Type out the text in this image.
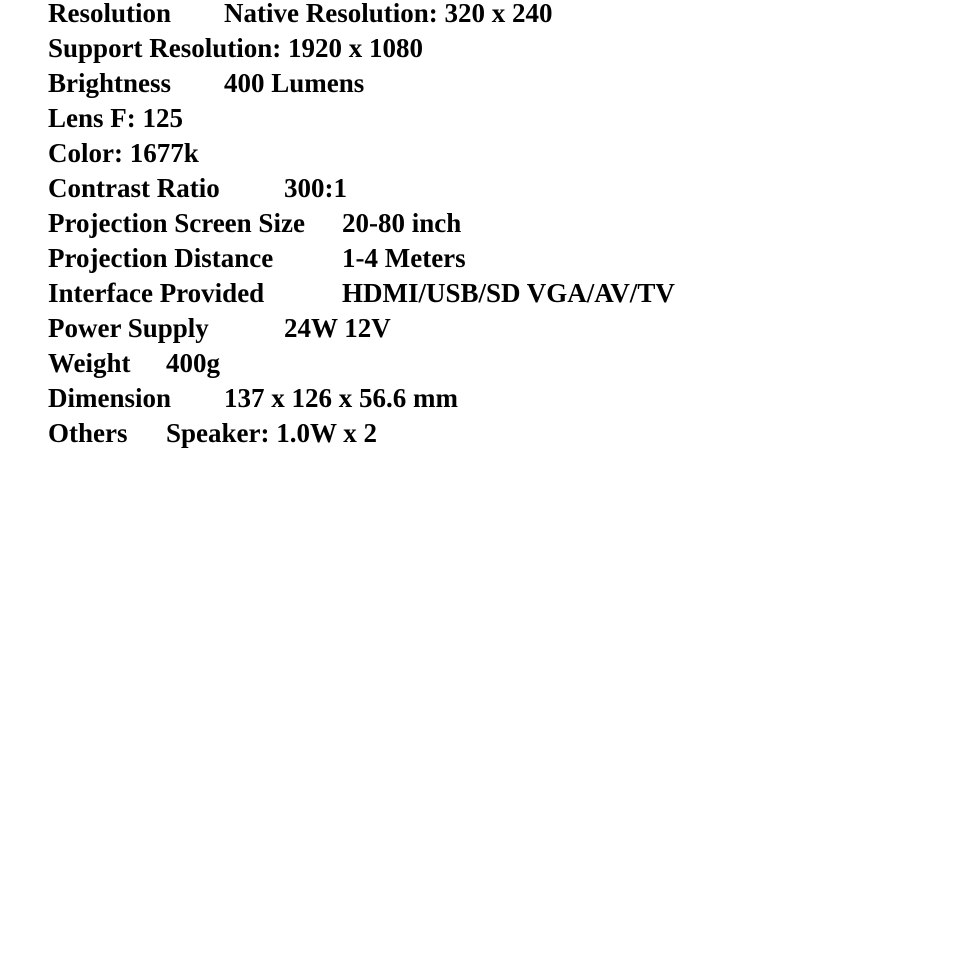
Resolution Native Resolution: 320 x 240
Support Resolution: 1920 x 1080
Brightness 400 Lumens
Lens F: 125
Color: 1677k
Contrast Ratio 300:1
Projection Screen Size 20-80 inch
Projection Distance	1-4 Meters
Interface Provided	HDMI/USB/SD VGA/AV/TV
Power Supply	24W 12V
Weight 400g
Dimension 137 x 126 x 56.6 mm
Others Speaker: 1.0W x 2
